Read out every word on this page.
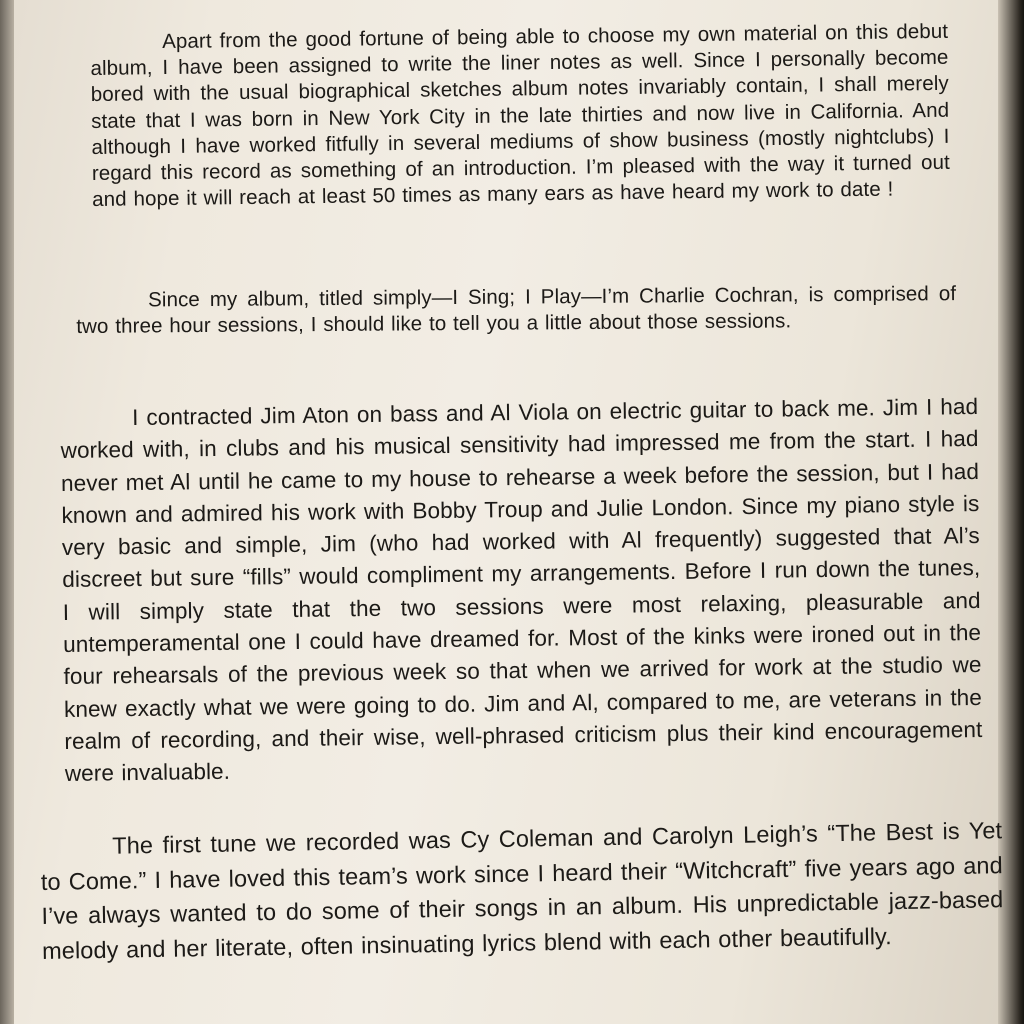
Apart from the good fortune of being able to choose my own material on this debut album, I have been assigned to write the liner notes as well. Since I personally become bored with the usual biographical sketches album notes invariably contain, I shall merely state that I was born in New York City in the late thirties and now live in California. And although I have worked fitfully in several mediums of show business (mostly nightclubs) I regard this record as something of an introduction. I’m pleased with the way it turned out and hope it will reach at least 50 times as many ears as have heard my work to date !

Since my album, titled simply—I Sing; I Play—I’m Charlie Cochran, is comprised of two three hour sessions, I should like to tell you a little about those sessions.

I contracted Jim Aton on bass and Al Viola on electric guitar to back me. Jim I had worked with, in clubs and his musical sensitivity had impressed me from the start. I had never met Al until he came to my house to rehearse a week before the session, but I had known and admired his work with Bobby Troup and Julie London. Since my piano style is very basic and simple, Jim (who had worked with Al frequently) suggested that Al’s discreet but sure “fills” would compliment my arrangements. Before I run down the tunes, I will simply state that the two sessions were most relaxing, pleasurable and untemperamental one I could have dreamed for. Most of the kinks were ironed out in the four rehearsals of the previous week so that when we arrived for work at the studio we knew exactly what we were going to do. Jim and Al, compared to me, are veterans in the realm of recording, and their wise, well-phrased criticism plus their kind encouragement were invaluable.

The first tune we recorded was Cy Coleman and Carolyn Leigh’s “The Best is Yet to Come.” I have loved this team’s work since I heard their “Witchcraft” five years ago and I’ve always wanted to do some of their songs in an album. His unpredictable jazz-based melody and her literate, often insinuating lyrics blend with each other beautifully.
